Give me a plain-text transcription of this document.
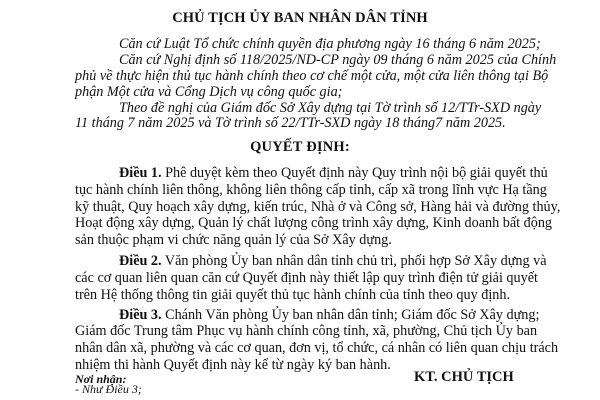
CHỦ TỊCH ỦY BAN NHÂN DÂN TỈNH
Căn cứ Luật Tổ chức chính quyền địa phương ngày 16 tháng 6 năm 2025;
Căn cứ Nghị định số 118/2025/ND-CP ngày 09 tháng 6 năm 2025 của Chính
phủ về thực hiện thủ tục hành chính theo cơ chế một cửa, một cửa liên thông tại Bộ
phận Một cửa và Cổng Dịch vụ công quốc gia;
Theo đề nghị của Giám đốc Sở Xây dựng tại Tờ trình số 12/TTr-SXD ngày
11 tháng 7 năm 2025 và Tờ trình số 22/TTr-SXD ngày 18 tháng7 năm 2025.
QUYẾT ĐỊNH:
Điều 1. Phê duyệt kèm theo Quyết định này Quy trình nội bộ giải quyết thủ
tục hành chính liên thông, không liên thông cấp tỉnh, cấp xã trong lĩnh vực Hạ tầng
kỹ thuật, Quy hoạch xây dựng, kiến trúc, Nhà ở và Công sở, Hàng hải và đường thủy,
Hoạt động xây dựng, Quản lý chất lượng công trình xây dựng, Kinh doanh bất động
sản thuộc phạm vi chức năng quản lý của Sở Xây dựng.
Điều 2. Văn phòng Ủy ban nhân dân tỉnh chủ trì, phối hợp Sở Xây dựng và
các cơ quan liên quan căn cứ Quyết định này thiết lập quy trình điện tử giải quyết
trên Hệ thống thông tin giải quyết thủ tục hành chính của tỉnh theo quy định.
Điều 3. Chánh Văn phòng Ủy ban nhân dân tỉnh; Giám đốc Sở Xây dựng;
Giám đốc Trung tâm Phục vụ hành chính công tỉnh, xã, phường, Chủ tịch Ủy ban
nhân dân xã, phường và các cơ quan, đơn vị, tổ chức, cá nhân có liên quan chịu trách
nhiệm thi hành Quyết định này kể từ ngày ký ban hành.
Nơi nhận:
- Như Điều 3;
KT. CHỦ TỊCH
